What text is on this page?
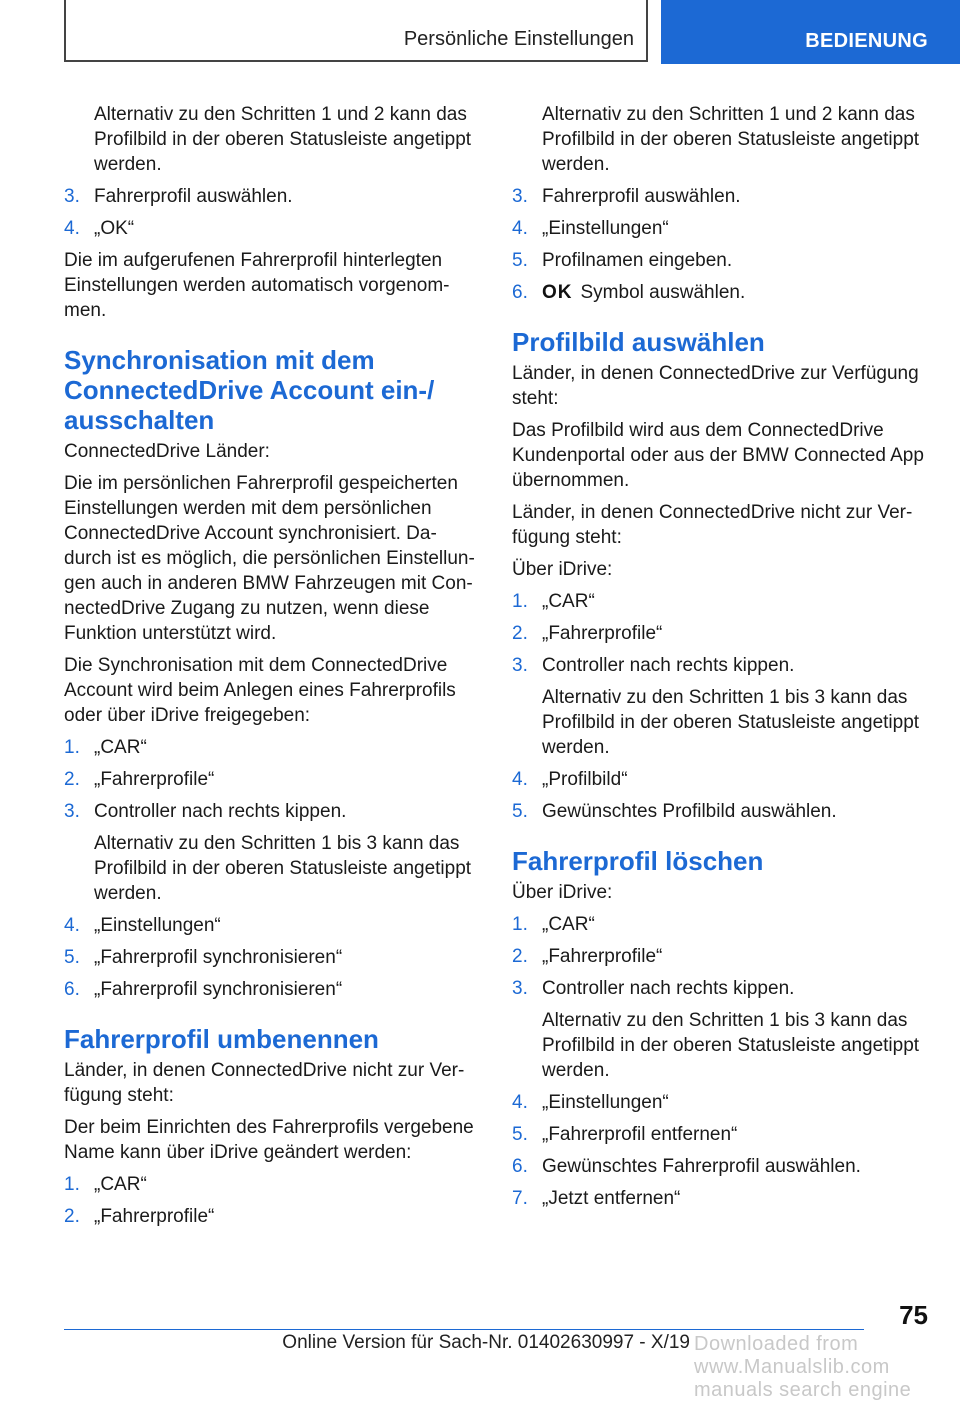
Persönliche Einstellungen	BEDIENUNG

Alternativ zu den Schritten 1 und 2 kann das Profilbild in der oberen Statusleiste angetippt werden.

3. Fahrerprofil auswählen.
4. „OK“

Die im aufgerufenen Fahrerprofil hinterlegten Einstellungen werden automatisch vorgenom-men.

Synchronisation mit dem ConnectedDrive Account ein-/ ausschalten

ConnectedDrive Länder:

Die im persönlichen Fahrerprofil gespeicherten Einstellungen werden mit dem persönlichen ConnectedDrive Account synchronisiert. Da-durch ist es möglich, die persönlichen Einstellun-gen auch in anderen BMW Fahrzeugen mit Con-nectedDrive Zugang zu nutzen, wenn diese Funktion unterstützt wird.

Die Synchronisation mit dem ConnectedDrive Account wird beim Anlegen eines Fahrerprofils oder über iDrive freigegeben:

1. „CAR“
2. „Fahrerprofile“
3. Controller nach rechts kippen.

Alternativ zu den Schritten 1 bis 3 kann das Profilbild in der oberen Statusleiste angetippt werden.

4. „Einstellungen“
5. „Fahrerprofil synchronisieren“
6. „Fahrerprofil synchronisieren“
Fahrerprofil umbenennen

Länder, in denen ConnectedDrive nicht zur Ver-fügung steht:

Der beim Einrichten des Fahrerprofils vergebene Name kann über iDrive geändert werden:

1. „CAR“
2. „Fahrerprofile“

Alternativ zu den Schritten 1 und 2 kann das Profilbild in der oberen Statusleiste angetippt werden.

3. Fahrerprofil auswählen.
4. „Einstellungen“
5. Profilnamen eingeben.
6. OK Symbol auswählen.
Profilbild auswählen

Länder, in denen ConnectedDrive zur Verfügung steht:

Das Profilbild wird aus dem ConnectedDrive Kundenportal oder aus der BMW Connected App übernommen.

Länder, in denen ConnectedDrive nicht zur Ver-fügung steht:

Über iDrive:

1. „CAR“
2. „Fahrerprofile“
3. Controller nach rechts kippen.

Alternativ zu den Schritten 1 bis 3 kann das Profilbild in der oberen Statusleiste angetippt werden.

4. „Profilbild“
5. Gewünschtes Profilbild auswählen.
Fahrerprofil löschen

Über iDrive:

1. „CAR“
2. „Fahrerprofile“
3. Controller nach rechts kippen.

Alternativ zu den Schritten 1 bis 3 kann das Profilbild in der oberen Statusleiste angetippt werden.

4. „Einstellungen“
5. „Fahrerprofil entfernen“
6. Gewünschtes Fahrerprofil auswählen.
7. „Jetzt entfernen“
75
Online Version für Sach-Nr. 01402630997 - X/19 Downloaded from www.Manualslib.com manuals search engine
